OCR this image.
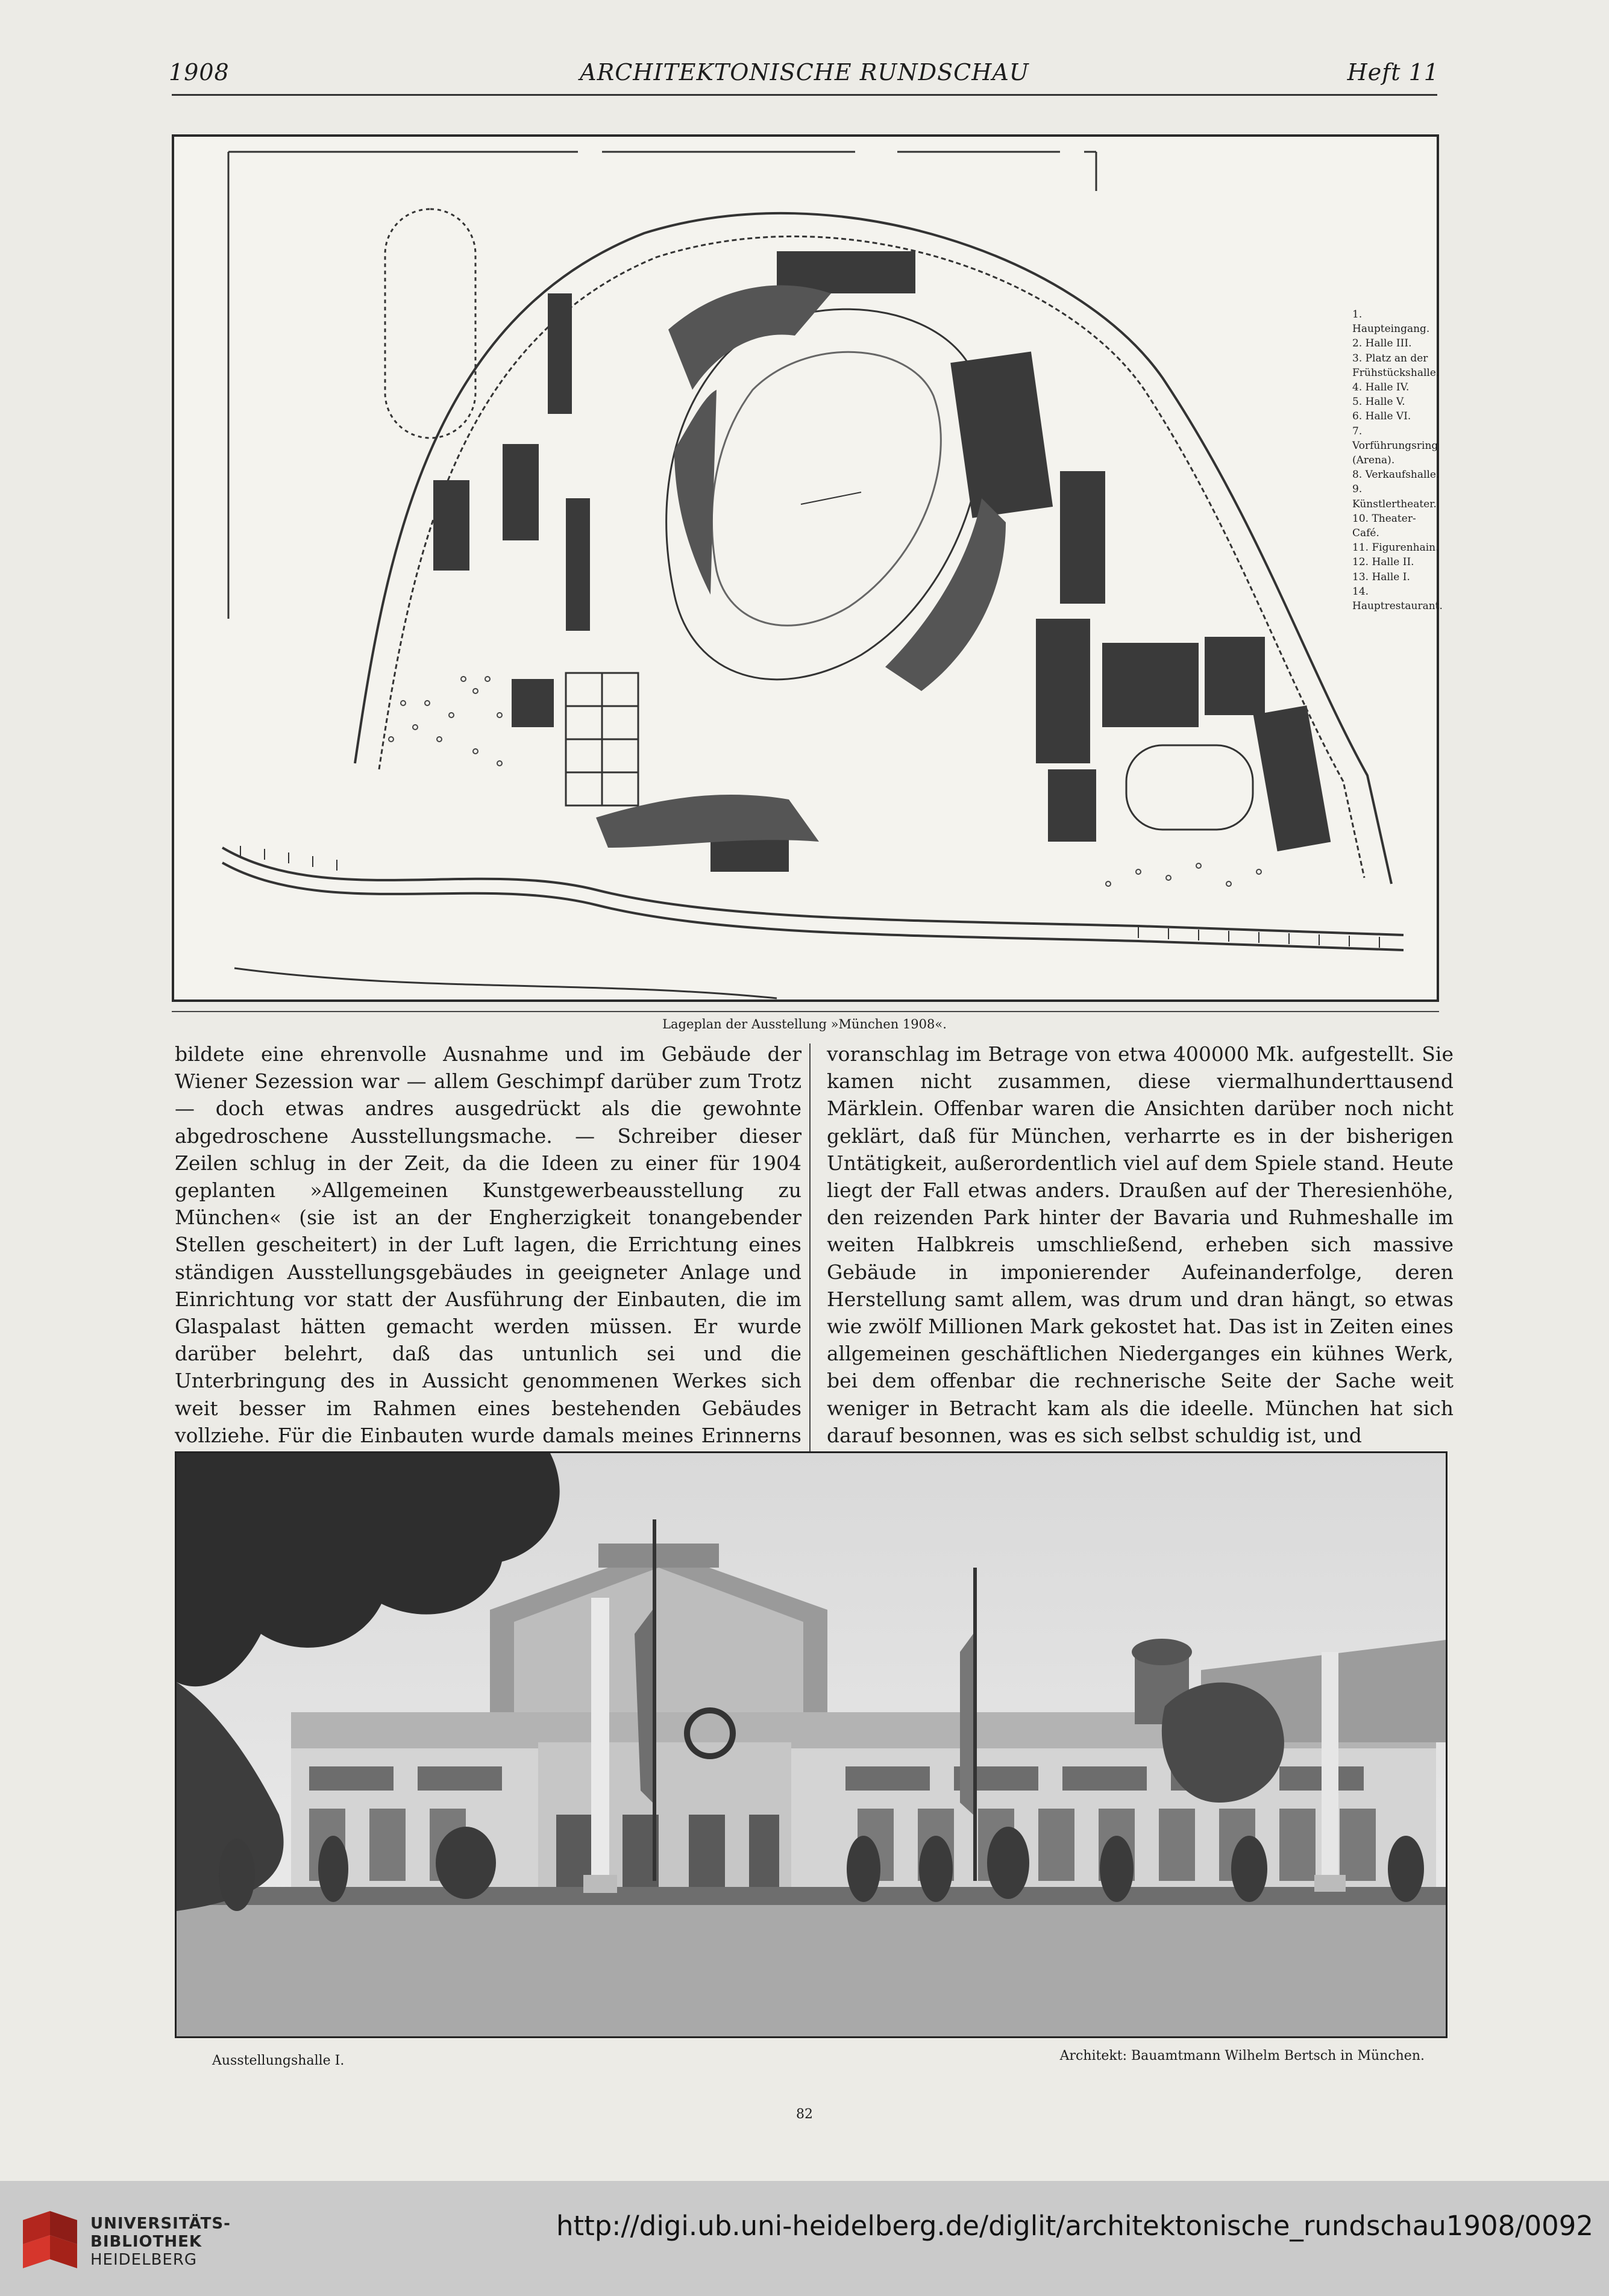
1908	ARCHITEKTONISCHE RUNDSCHAU	Heft 11
1. Haupteingang.
2. Halle III.
3. Platz an der Frühstückshalle.
4. Halle IV.
5. Halle V.
6. Halle VI.
7. Vorführungsring (Arena).
8. Verkaufshalle.
9. Künstlertheater.
10. Theater-Café.
11. Figurenhain.
12. Halle II.
13. Halle I.
14. Hauptrestaurant.
Lageplan der Ausstellung »München 1908«.

bildete eine ehrenvolle Ausnahme und im Gebäude der Wiener Sezession war — allem Geschimpf darüber zum Trotz — doch etwas andres ausgedrückt als die gewohnte abgedroschene Ausstellungsmache. — Schreiber dieser Zeilen schlug in der Zeit, da die Ideen zu einer für 1904 geplanten »Allgemeinen Kunstgewerbeausstellung zu München« (sie ist an der Engherzigkeit tonangebender Stellen gescheitert) in der Luft lagen, die Errichtung eines ständigen Ausstellungsgebäudes in geeigneter Anlage und Einrichtung vor statt der Ausführung der Einbauten, die im Glaspalast hätten gemacht werden müssen. Er wurde darüber belehrt, daß das untunlich sei und die Unterbringung des in Aussicht genommenen Werkes sich weit besser im Rahmen eines bestehenden Gebäudes vollziehe. Für die Einbauten wurde damals meines Erinnerns

voranschlag im Betrage von etwa 400000 Mk. aufgestellt. Sie kamen nicht zusammen, diese viermalhunderttausend Märklein. Offenbar waren die Ansichten darüber noch nicht geklärt, daß für München, verharrte es in der bisherigen Untätigkeit, außerordentlich viel auf dem Spiele stand. Heute liegt der Fall etwas anders. Draußen auf der Theresienhöhe, den reizenden Park hinter der Bavaria und Ruhmeshalle im weiten Halbkreis umschließend, erheben sich massive Gebäude in imponierender Aufeinanderfolge, deren Herstellung samt allem, was drum und dran hängt, so etwas wie zwölf Millionen Mark gekostet hat. Das ist in Zeiten eines allgemeinen geschäftlichen Niederganges ein kühnes Werk, bei dem offenbar die rechnerische Seite der Sache weit weniger in Betracht kam als die ideelle. München hat sich darauf besonnen, was es sich selbst schuldig ist, und

Ausstellungshalle I.	Architekt: Bauamtmann Wilhelm Bertsch in München.
82
UNIVERSITÄTS-
BIBLIOTHEK
HEIDELBERG
http://digi.ub.uni-heidelberg.de/diglit/architektonische_rundschau1908/0092
